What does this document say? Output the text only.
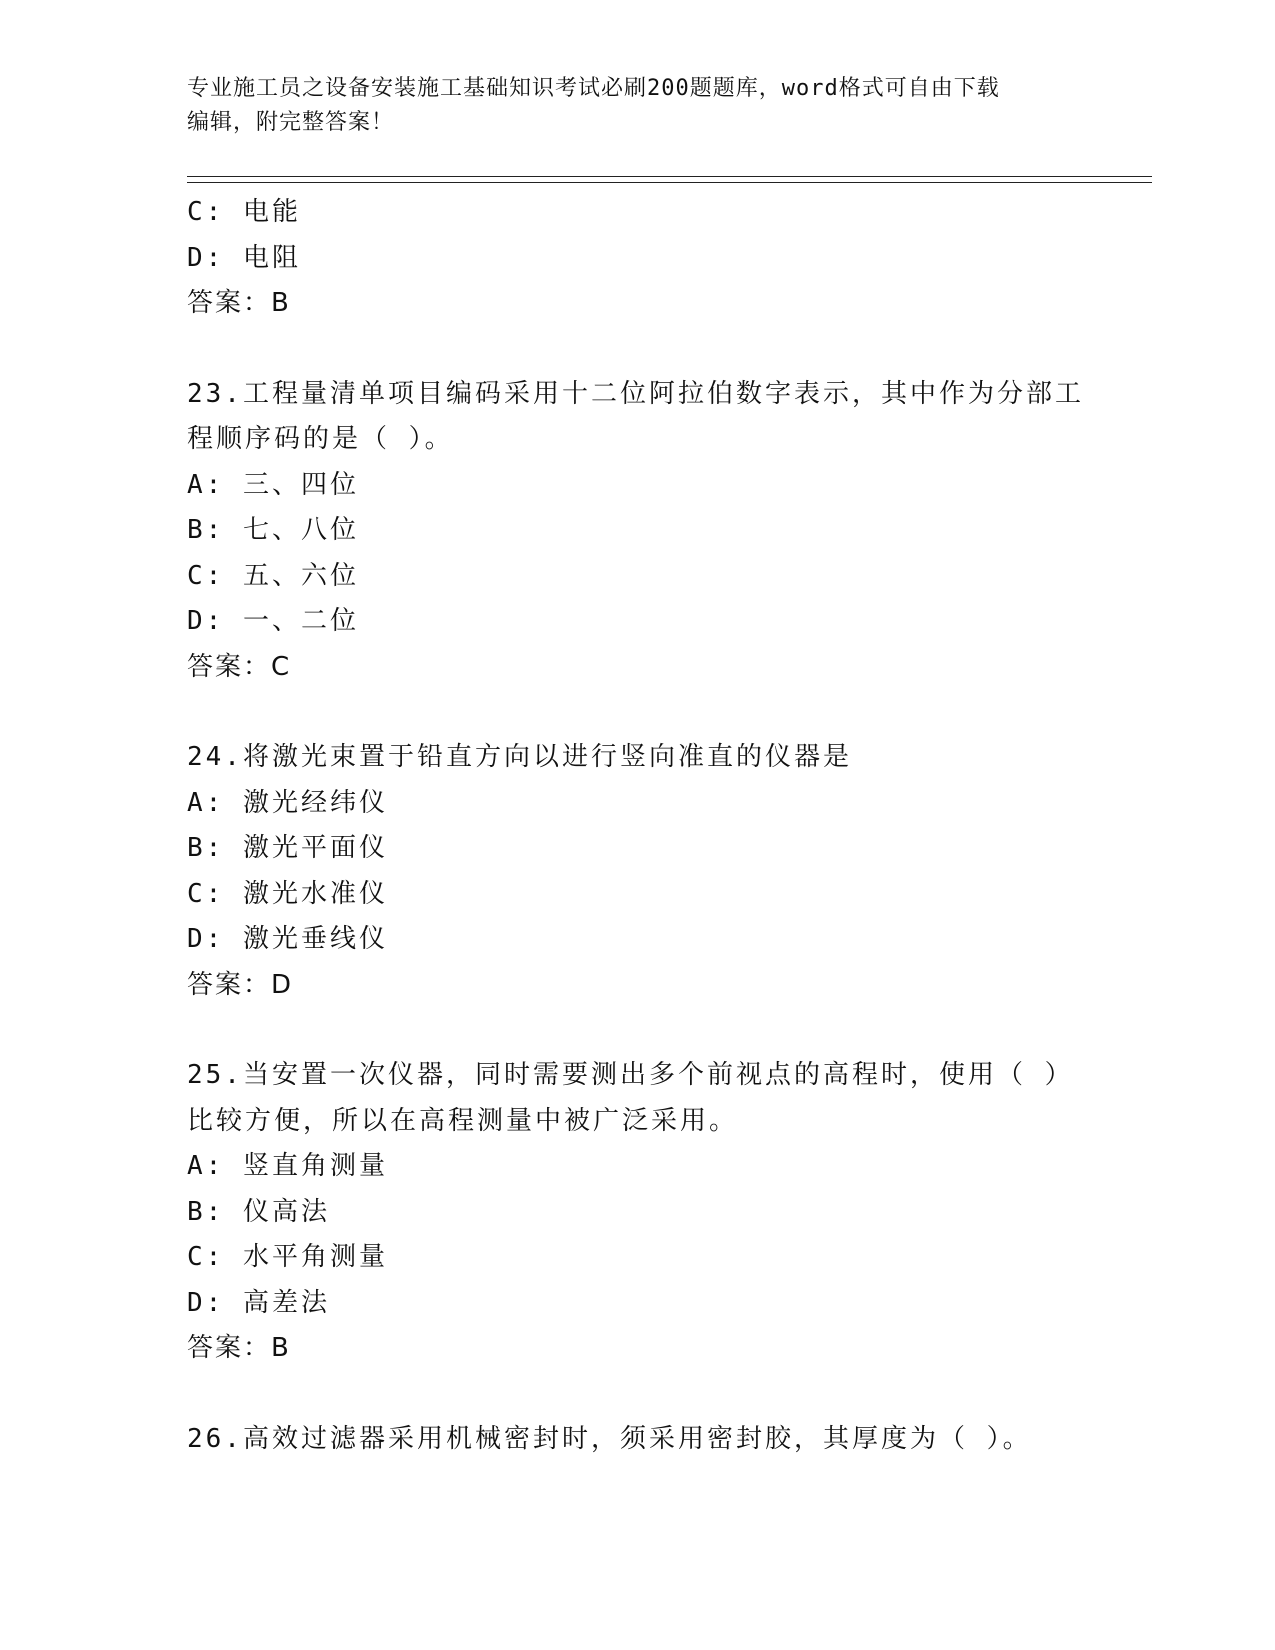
专业施工员之设备安装施工基础知识考试必刷200题题库，word格式可自由下载
编辑，附完整答案！
C: 电能
D: 电阻
答案：B
23.工程量清单项目编码采用十二位阿拉伯数字表示，其中作为分部工
程顺序码的是（ ）。
A: 三、四位
B: 七、八位
C: 五、六位
D: 一、二位
答案：C
24.将激光束置于铅直方向以进行竖向准直的仪器是
A: 激光经纬仪
B: 激光平面仪
C: 激光水准仪
D: 激光垂线仪
答案：D
25.当安置一次仪器，同时需要测出多个前视点的高程时，使用（ ）
比较方便，所以在高程测量中被广泛采用。
A: 竖直角测量
B: 仪高法
C: 水平角测量
D: 高差法
答案：B
26.高效过滤器采用机械密封时，须采用密封胶，其厚度为（ ）。
